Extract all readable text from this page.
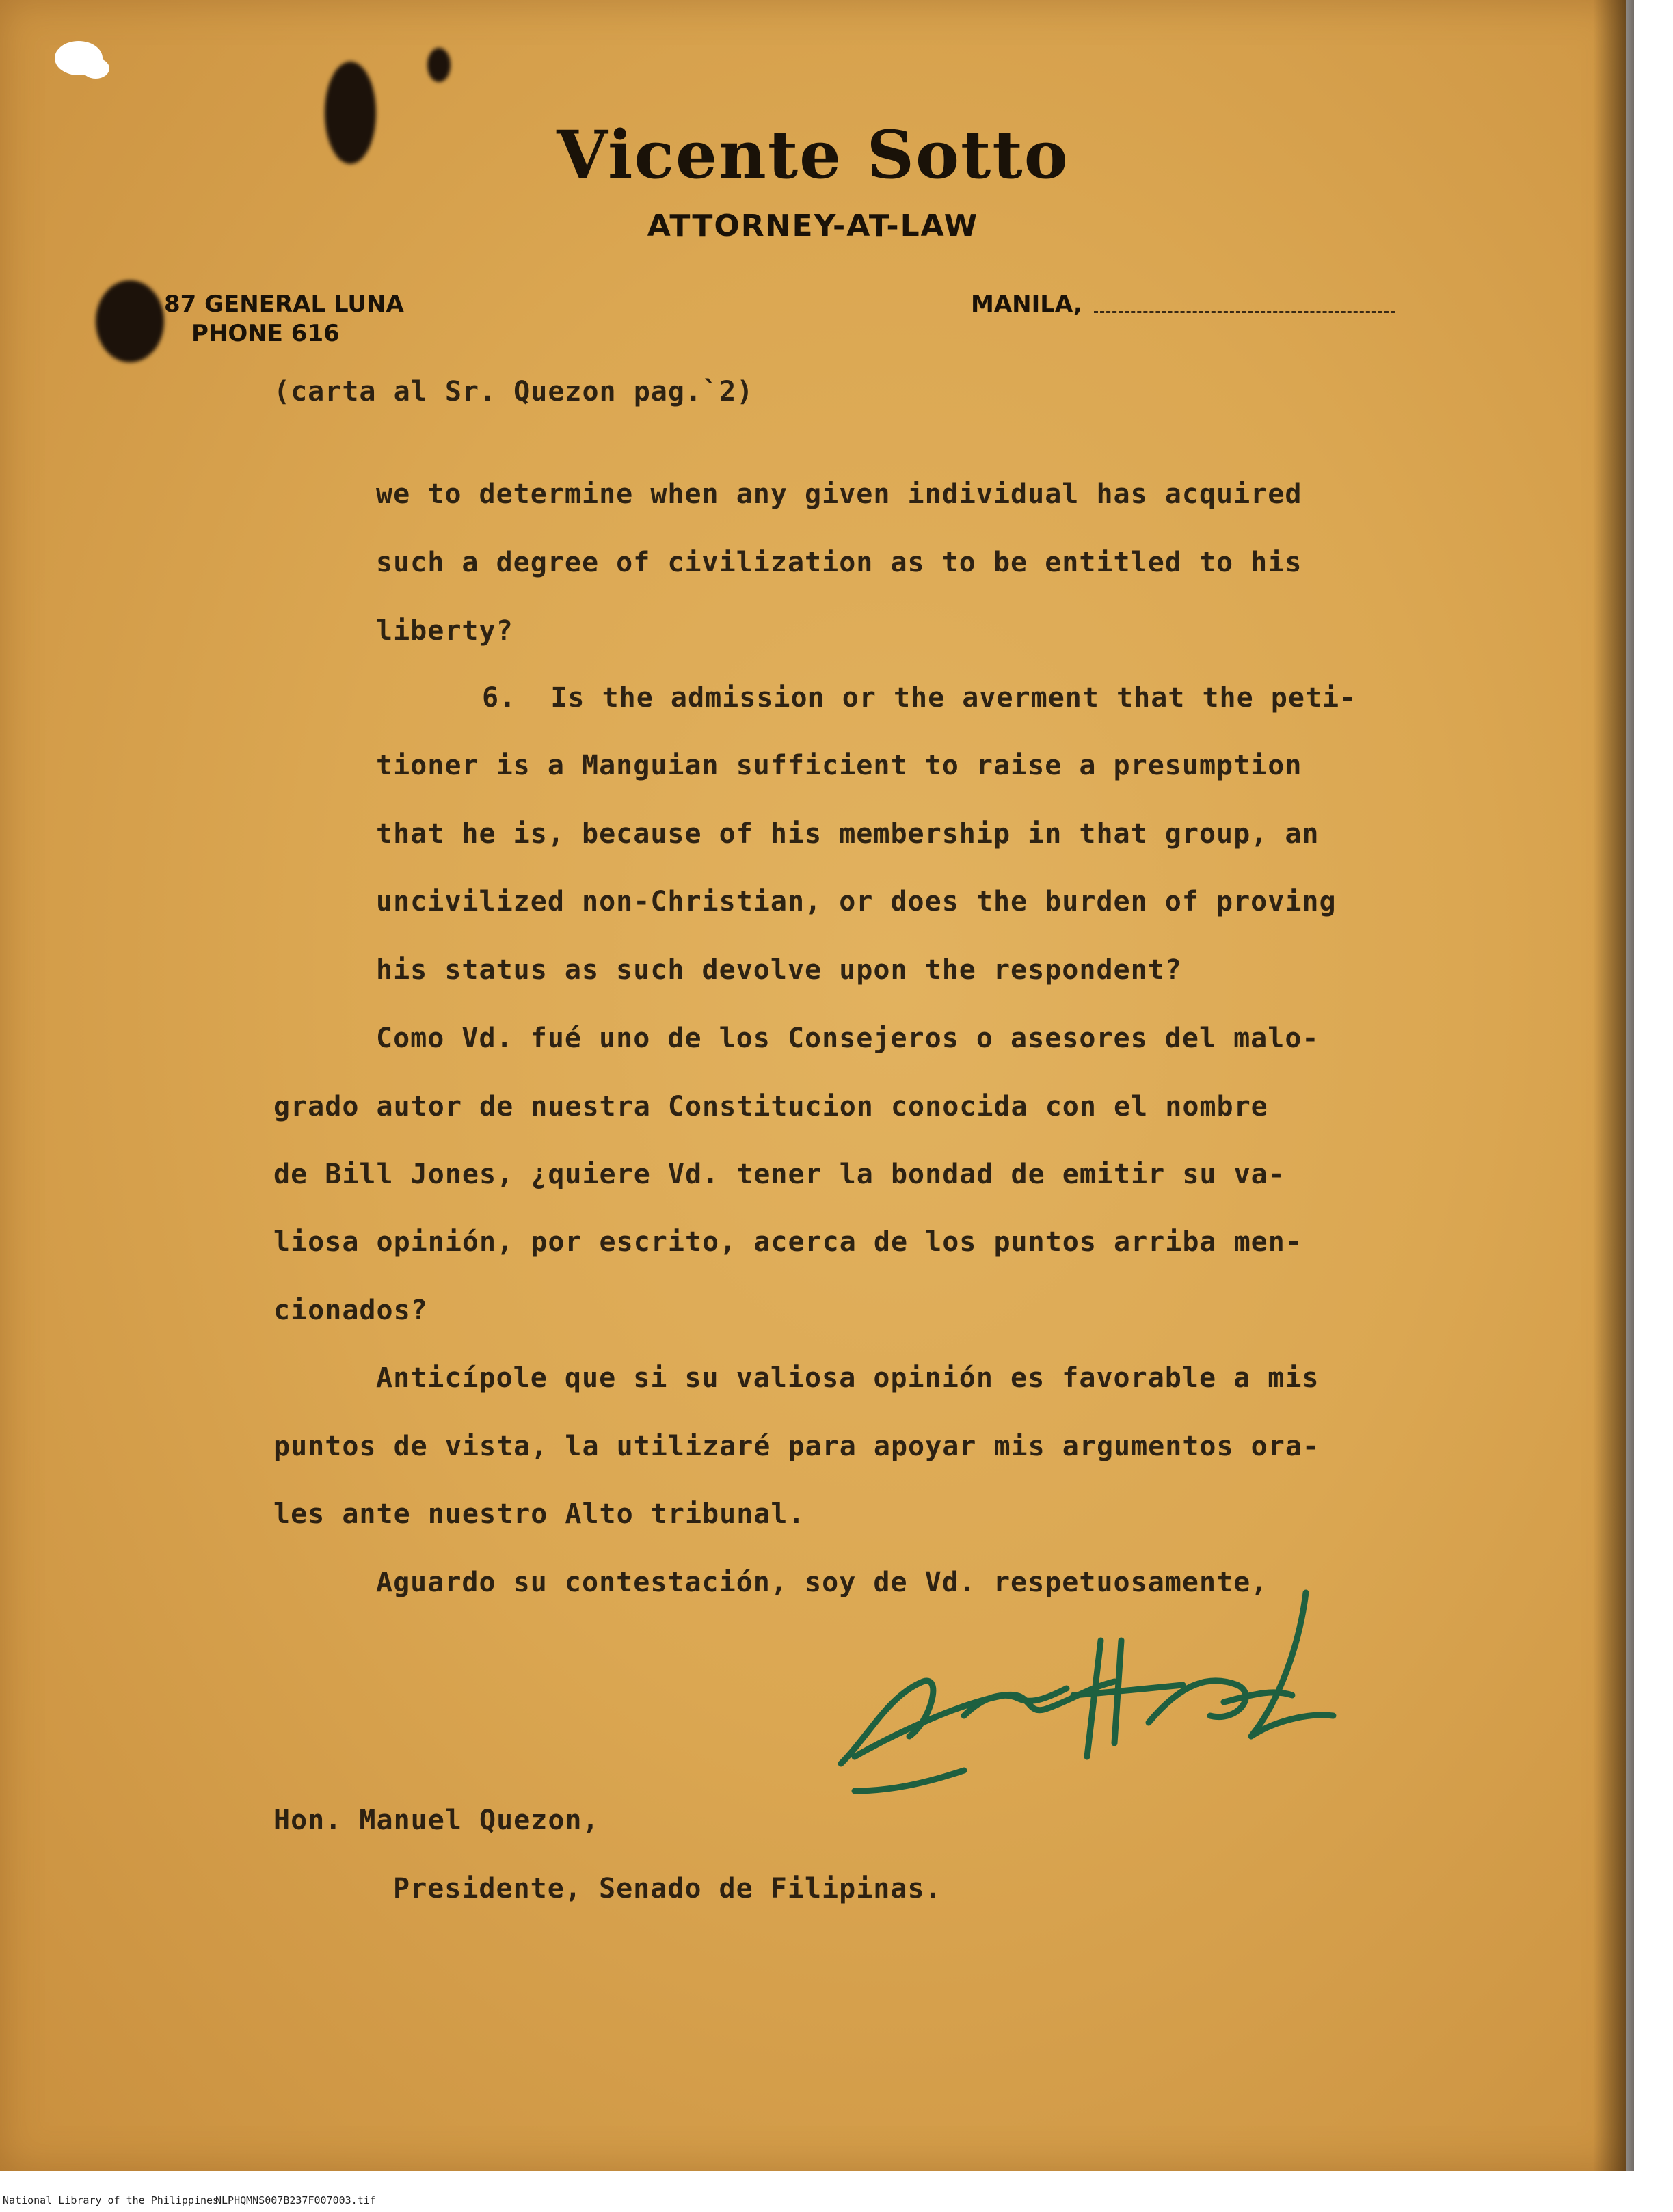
Vicente Sotto
ATTORNEY-AT-LAW
87 GENERAL LUNA
PHONE 616
MANILA,
(carta al Sr. Quezon pag.`2)
we to determine when any given individual has acquired
such a degree of civilization as to be entitled to his
liberty?
6.  Is the admission or the averment that the peti-
tioner is a Manguian sufficient to raise a presumption
that he is, because of his membership in that group, an
uncivilized non-Christian, or does the burden of proving
his status as such devolve upon the respondent?
Como Vd. fué uno de los Consejeros o asesores del malo-
grado autor de nuestra Constitucion conocida con el nombre
de Bill Jones, ¿quiere Vd. tener la bondad de emitir su va-
liosa opinión, por escrito, acerca de los puntos arriba men-
cionados?
Anticípole que si su valiosa opinión es favorable a mis
puntos de vista, la utilizaré para apoyar mis argumentos ora-
les ante nuestro Alto tribunal.
Aguardo su contestación, soy de Vd. respetuosamente,
Hon. Manuel Quezon,
Presidente, Senado de Filipinas.
National Library of the Philippines
NLPHQMNS007B237F007003.tif
